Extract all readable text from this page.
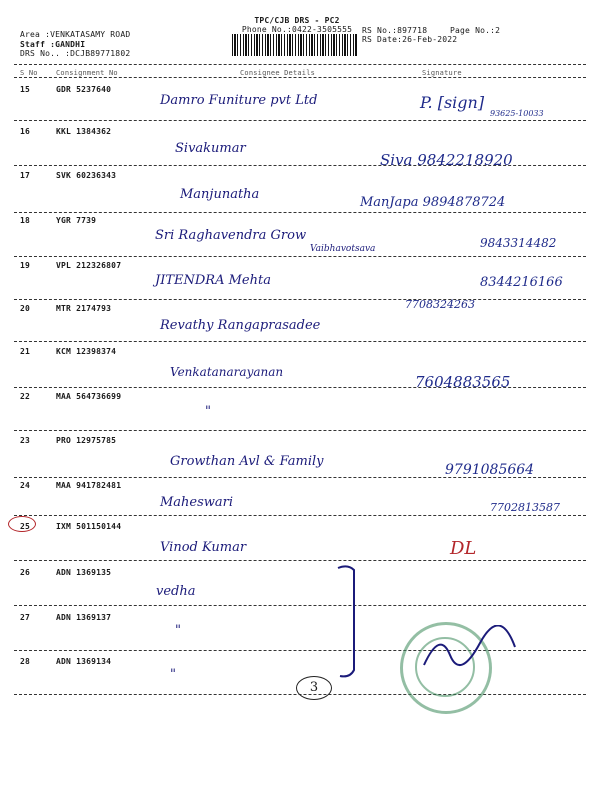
Area :VENKATASAMY ROAD
Staff :GANDHI
DRS No.. :DCJB89771802
TPC/CJB DRS - PC2
Phone No.:0422-3505555	RS No.:897718
RS Date:26-Feb-2022
Page No.:2
S No	Consignment No	Consignee Details	Signature
15	GDR 5237640
Damro Funiture pvt Ltd	P. [sign]
93625-10033
16	KKL 1384362
Sivakumar
Siva 9842218920
17	SVK 60236343
Manjunatha
ManJapa 9894878724
18	YGR 7739
Sri Raghavendra Grow
Vaibhavotsava	9843314482
19	VPL 212326807
JITENDRA Mehta	8344216166
20	MTR 2174793
Revathy Rangaprasadee
7708324263
21	KCM 12398374
Venkatanarayanan
7604883565
22	MAA 564736699
"
23	PRO 12975785
Growthan Avl & Family
9791085664
24	MAA 941782481
Maheswari	7702813587
25	IXM 501150144
Vinod Kumar	DL
26	ADN 1369135
vedha
27	ADN 1369137
"
28	ADN 1369134
"
3
